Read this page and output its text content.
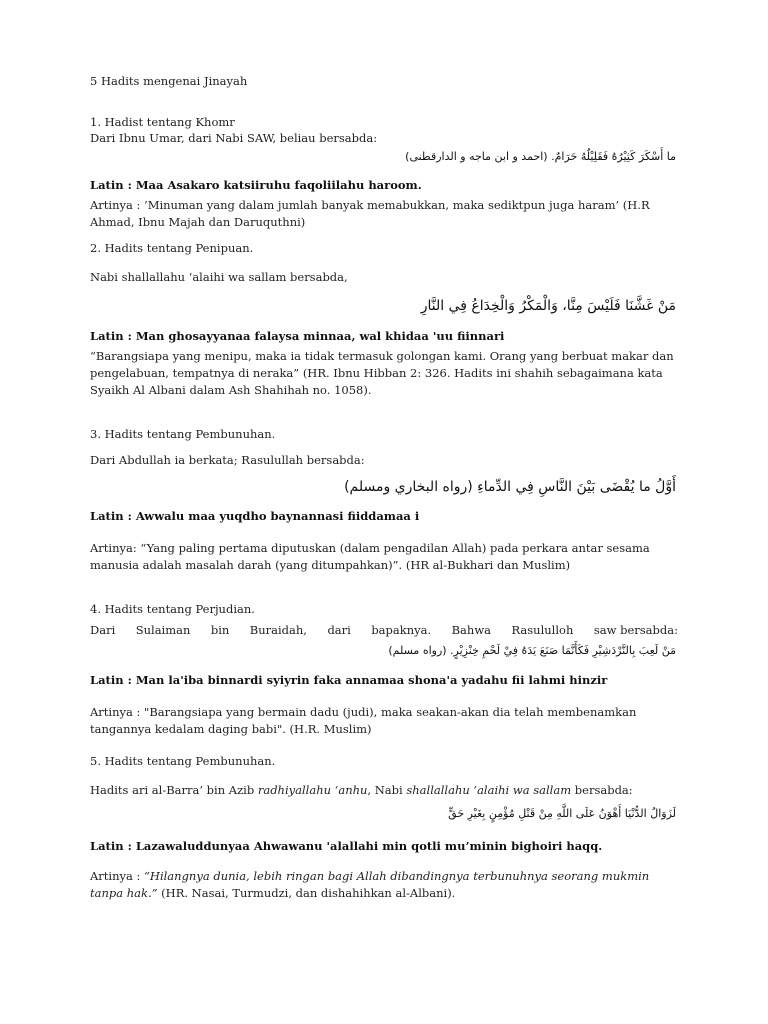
5 Hadits mengenai Jinayah
1. Hadist tentang Khomr
Dari Ibnu Umar, dari Nabi SAW, beliau bersabda:
ما أَسْكَرَ كَثِيْرُهُ فَقَلِيْلُهُ حَرَامٌ. (احمد و ابن ماجه و الدارقطنى)
Latin : Maa Asakaro katsiiruhu faqoliilahu haroom.
Artinya : ‘Minuman yang dalam jumlah banyak memabukkan, maka sediktpun juga haram’ (H.R Ahmad, Ibnu Majah dan Daruquthni)
2. Hadits tentang Penipuan.
Nabi shallallahu ‘alaihi wa sallam bersabda,
مَنْ غَشَّنَا فَلَيْسَ مِنَّا، وَالْمَكْرُ وَالْخِدَاعُ فِي النَّارِ
Latin : Man ghosayyanaa falaysa minnaa, wal khidaa 'uu fiinnari
“Barangsiapa yang menipu, maka ia tidak termasuk golongan kami. Orang yang berbuat makar dan pengelabuan, tempatnya di neraka” (HR. Ibnu Hibban 2: 326. Hadits ini shahih sebagaimana kata Syaikh Al Albani dalam Ash Shahihah no. 1058).
3. Hadits tentang Pembunuhan.
Dari Abdullah ia berkata; Rasulullah bersabda:
أَوَّلُ ما يُقْضَى بَيْنَ النَّاسِ فِي الدِّماءِ (رواه البخاري ومسلم)
Latin : Awwalu maa yuqdho baynannasi fiiddamaa i
Artinya: “Yang paling pertama diputuskan (dalam pengadilan Allah) pada perkara antar sesama manusia adalah masalah darah (yang ditumpahkan)”. (HR al-Bukhari dan Muslim)
4. Hadits tentang Perjudian.
Dari Sulaiman bin Buraidah, dari bapaknya. Bahwa Rasululloh saw bersabda:
مَنْ لَعِبَ بِالنَّرْدَشِيْرِ فَكَأَنَّمَا صَنَعَ يَدَهُ فِيْ لَحْمِ خِنْزِيْرٍ. (رواه مسلم)
Latin : Man la'iba binnardi syiyrin faka annamaa shona'a yadahu fii lahmi hinzir
Artinya : "Barangsiapa yang bermain dadu (judi), maka seakan-akan dia telah membenamkan tangannya kedalam daging babi". (H.R. Muslim)
5. Hadits tentang Pembunuhan.
Hadits ari al-Barra’ bin Azib radhiyallahu ‘anhu, Nabi shallallahu ‘alaihi wa sallam bersabda:
لَزَوَالُ الدُّنْيَا أَهْوَنُ عَلَى اللَّهِ مِنْ قَتْلِ مُؤْمِنٍ بِغَيْرِ حَقٍّ
Latin : Lazawaluddunyaa Ahwawanu 'alallahi min qotli mu’minin bighoiri haqq.
Artinya : “Hilangnya dunia, lebih ringan bagi Allah dibandingnya terbunuhnya seorang mukmin tanpa hak.” (HR. Nasai, Turmudzi, dan dishahihkan al-Albani).
